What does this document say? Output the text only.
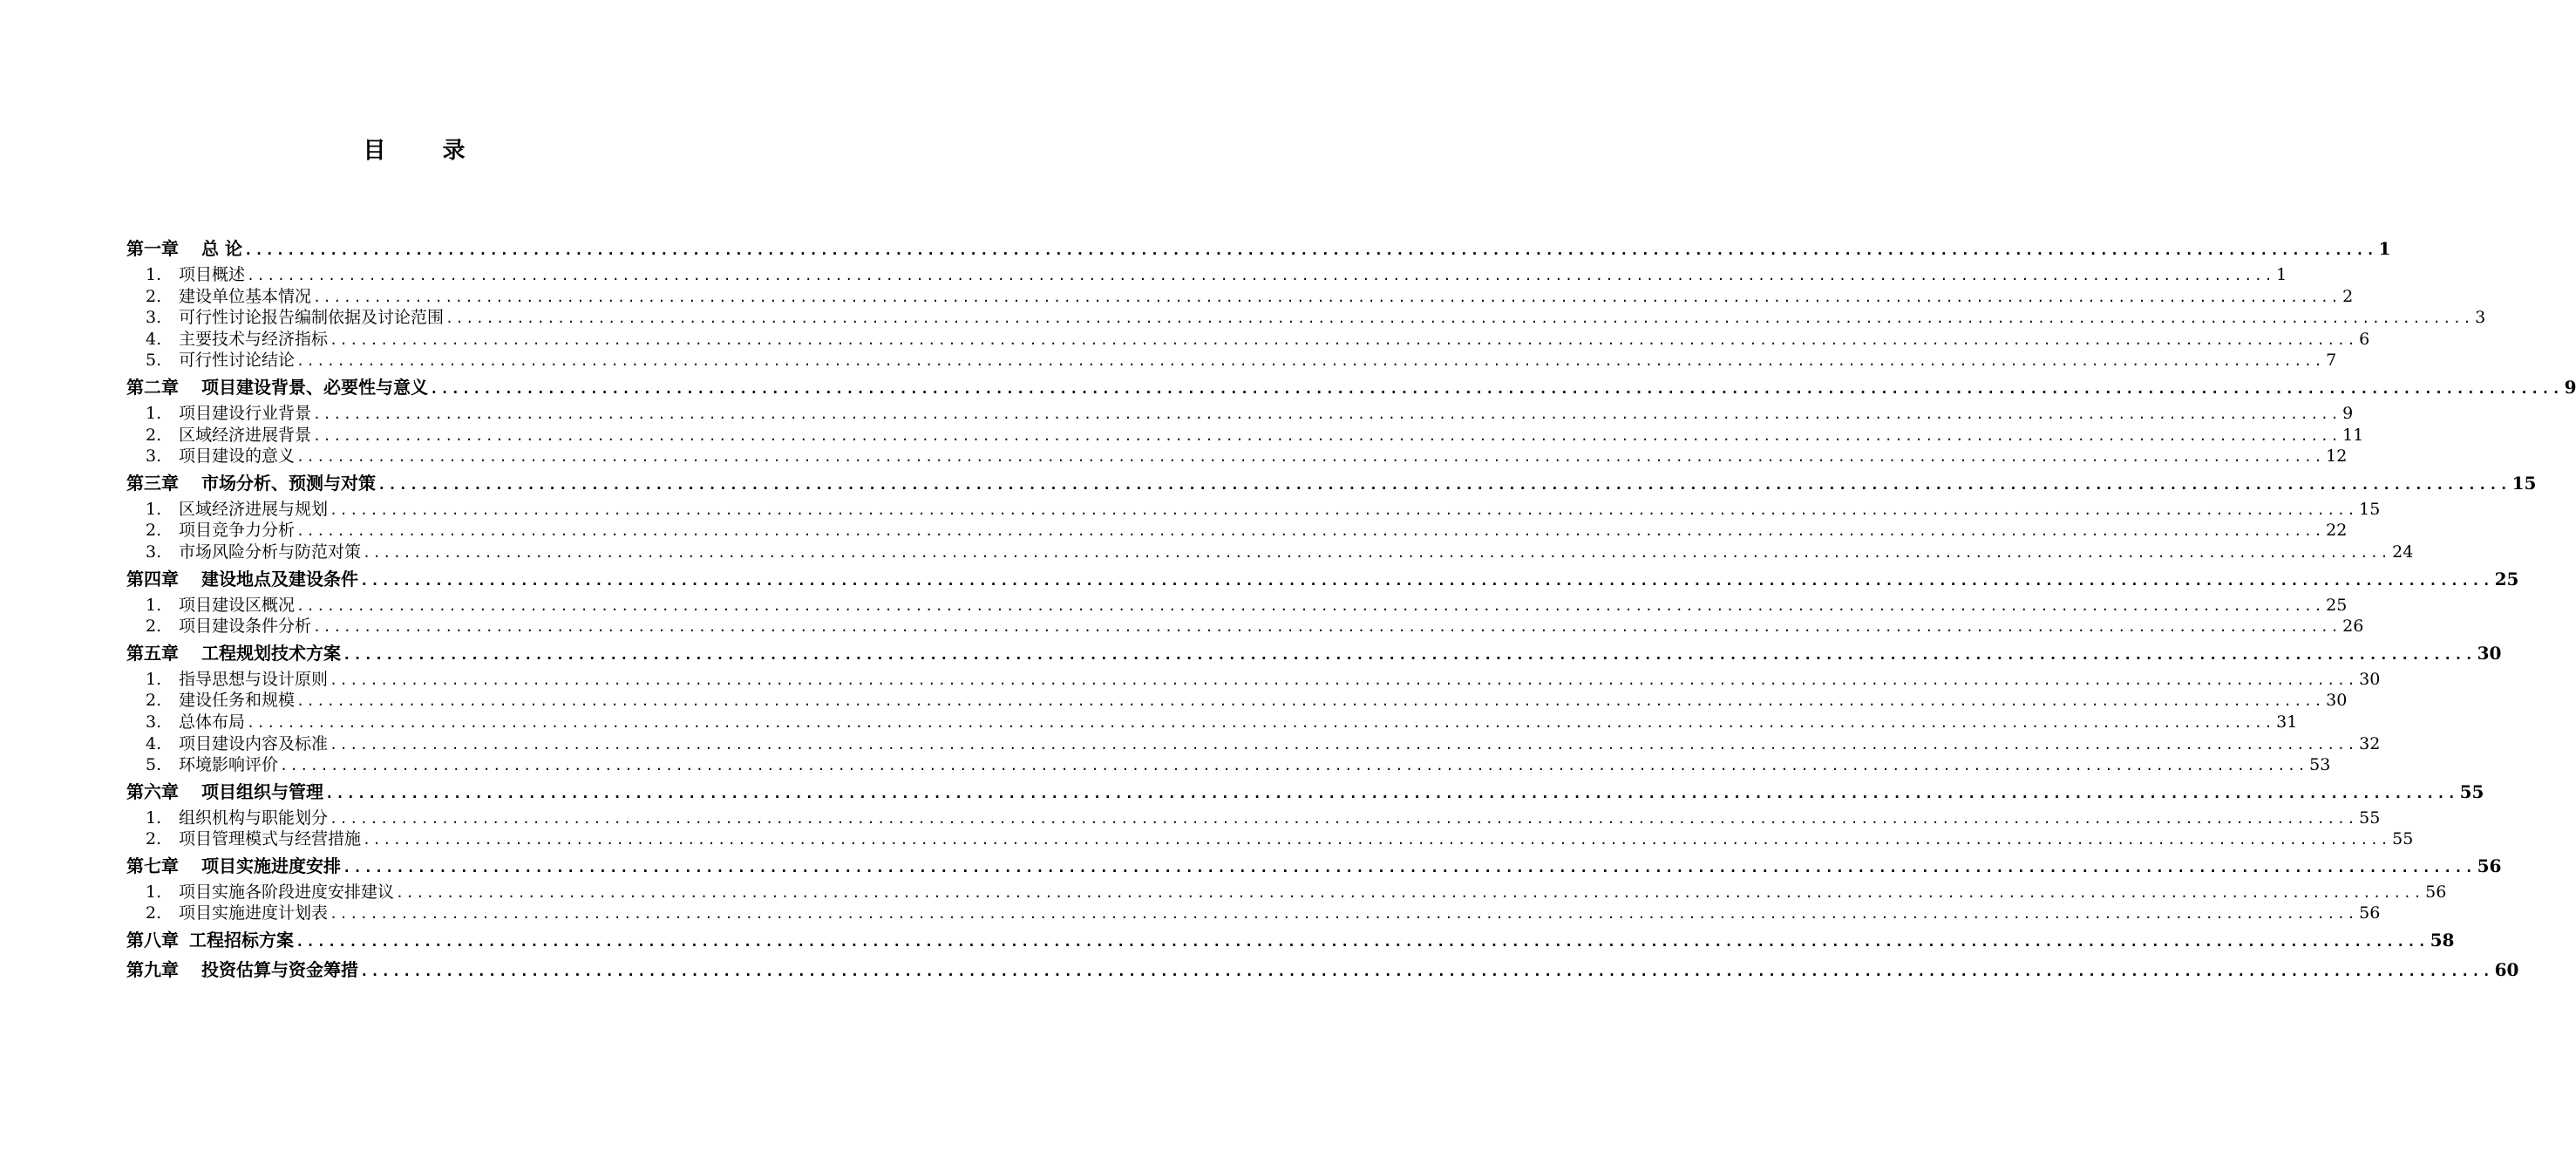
目 录
第一章 总 论 ........................................................................................................................................................................................................ 1
1.	项目概述 ........................................................................................................................................................................................................ 1
2.	建设单位基本情况 ........................................................................................................................................................................................................ 2
3.	可行性讨论报告编制依据及讨论范围 ........................................................................................................................................................................................................ 3
4.	主要技术与经济指标 ........................................................................................................................................................................................................ 6
5.	可行性讨论结论 ........................................................................................................................................................................................................ 7
第二章 项目建设背景、必要性与意义 ........................................................................................................................................................................................................ 9
1.	项目建设行业背景 ........................................................................................................................................................................................................ 9
2.	区域经济进展背景 ........................................................................................................................................................................................................ 11
3.	项目建设的意义 ........................................................................................................................................................................................................ 12
第三章 市场分析、预测与对策 ........................................................................................................................................................................................................ 15
1.	区域经济进展与规划 ........................................................................................................................................................................................................ 15
2.	项目竞争力分析 ........................................................................................................................................................................................................ 22
3.	市场风险分析与防范对策 ........................................................................................................................................................................................................ 24
第四章 建设地点及建设条件 ........................................................................................................................................................................................................ 25
1.	项目建设区概况 ........................................................................................................................................................................................................ 25
2.	项目建设条件分析 ........................................................................................................................................................................................................ 26
第五章 工程规划技术方案 ........................................................................................................................................................................................................ 30
1.	指导思想与设计原则 ........................................................................................................................................................................................................ 30
2.	建设任务和规模 ........................................................................................................................................................................................................ 30
3.	总体布局 ........................................................................................................................................................................................................ 31
4.	项目建设内容及标准 ........................................................................................................................................................................................................ 32
5.	环境影响评价 ........................................................................................................................................................................................................ 53
第六章 项目组织与管理 ........................................................................................................................................................................................................ 55
1.	组织机构与职能划分 ........................................................................................................................................................................................................ 55
2.	项目管理模式与经营措施 ........................................................................................................................................................................................................ 55
第七章 项目实施进度安排 ........................................................................................................................................................................................................ 56
1.	项目实施各阶段进度安排建议 ........................................................................................................................................................................................................ 56
2.	项目实施进度计划表 ........................................................................................................................................................................................................ 56
第八章 工程招标方案 ........................................................................................................................................................................................................ 58
第九章 投资估算与资金筹措 ........................................................................................................................................................................................................ 60
